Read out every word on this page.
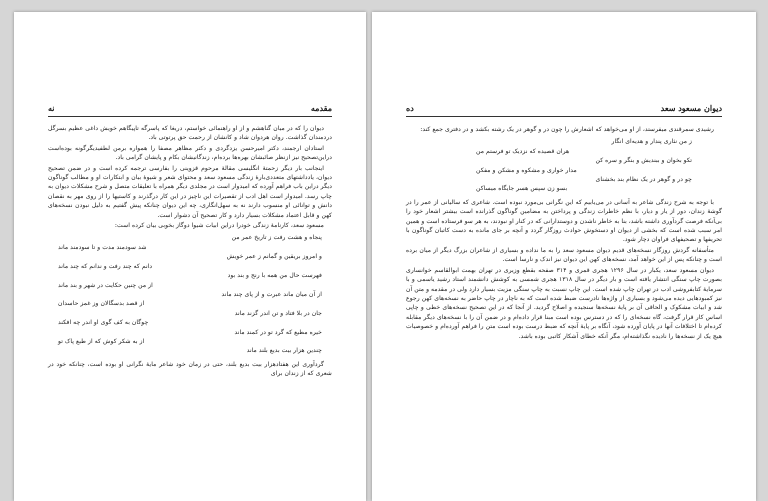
نه	مقدمه

دیوان را که در میان گناهشم و از او راهنمائی خواستم، دریغا که پاسرگه تاپیگاهم خویش داغی عظیم بسرگل دردمندان گذاشت. روان هردوان شاد و کانشان از رحمت حق پرتوتی باد.

استادان ارجمند، دکتر امیرحسن یزدگردی و دکتر مظاهر مصفا را همواره برمن لطفیدیگرگونه بوده‌است دراین‌تصحیح نیز ازنظر صائبشان بهره‌ها برده‌ام، زندگانیشان بکام و پایشان گرامی باد.

اینجانب بار دیگر زحمتهٔ انگلیسی مقالهٔ مرحوم قزوینی را بفارسی ترجمه کرده است و در ضمن تصحیح دیوان، یادداشتهای متعددی‌بارهٔ زندگی مسعود سعد و محتوای شعر و شیوهٔ بیان و ابتکارات او و مطالب گوناگون دیگر دراین باب فراهم آورده که امیدوار است در مجلدی دیگر همراه با تعلیقات متصل و شرح مشکلات دیوان به چاپ رسد. امیدوار است اهل ادب از تقصیرات این ناچیز در این کار درگذرند و کاستیها را از روی مهر به نقصان دانش و توانائی او منسوب دارند نه به سهل‌انگاری، چه این دیوان چنانکه پیش گفتیم به دلیل نبودن نسخه‌های کهن و قابل اعتماد مشکلات بسیار دارد و کار تصحیح آن دشوار است.

مسعود سعد، کارنامهٔ زندگی خودرا دراین ابیات شیوا دوگاز بخوبی بیان کرده است:

پنجاه و هشت رفت ز تاریخ عمر من
شد سودمند مدت و تا سودمند ماند
و امروز بریقین و گمانم ز عمر خویش
دانم که چند رفت و ندانم که چند ماند
فهرست حال من همه با رنج و بند بود
از من چنین حکایت در شهر و بند ماند
از آن میان ماند عبرت و از پای چند ماند
از قصد بدسگالان وز غمز حاسدان
جان در بلا فتاد و تن اندر گزند ماند
چوگان به کف گوی او اندر چه افکند
خیره مطیع که گرد تو در کمند ماند
از به شکر کوش که از طبع پاک تو
چندین هزار بیت بدیع بلند ماند

گردآوری این هفتادهزار بیت بدیع بلند، حتی در زمان خود شاعر مایهٔ نگرانی او بوده است، چنانکه خود در شعری که از زندان برای

ده	دیوان مسعود سعد

رشیدی سمرقندی میفرستد، از او می‌خواهد که اشعارش را چون در و گوهر در یک رشته بکشد و در دفتری جمع کند:

ز من نثاری پندار و هدیه‌ای انگار
هران قصیده که نزدیک تو فرستم من
تکو بخوان و ببندیش و بنگر و سره کن
مدار خواری و مشکوه و مشکن و مفکن
چو در و گوهر در یک نظام بند بخشنای
بسو زن سپس هسر جایگاه میساکن

با توجه به شرح زندگی شاعر به آسانی در می‌یابیم که این نگرانی بی‌مورد نبوده است. شاعری که سالیانی از عمر را در گوشهٔ زندان، دور از یار و دیار، با نظم خاطرات زندگی و پرداختن به مضامین گوناگون گذرانده است بیشتر اشعار خود را بی‌آنکه فرصت گردآوری داشته باشد، بنا به خاطر ناشدن و دوستدارانی که در کنار او نبودند، به هر سو فرستاده است و همین امر سبب شده است که بخشی از دیوان او دستخوش حوادث روزگار گردد و آنچه بر جای مانده به دست کاتبان گوناگون با تحریفها و تصحیفهای فراوان دچار شود.

متأسفانه گردش روزگار نسخه‌های قدیم دیوان مسعود سعد را به ما نداده و بسیاری از شاعران بزرگ دیگر از میان برده است و چنانکه پس از این خواهد آمد، نسخه‌های کهن این دیوان نیز اندک و نارسا است.

دیوان مسعود سعد، یکبار در سال ۱۲۹۶ هجری قمری و ۳۱۴ صفحه بقطع وزیری در تهران بهمت ابوالقاسم خوانساری بصورت چاپ سنگی انتشار یافته است و بار دیگر در سال ۱۳۱۸ هجری شمسی به کوشش دانشمند استاد رشید یاسمی و با سرمایهٔ کتابفروشی ادب در تهران چاپ شده است. این چاپ نسبت به چاپ سنگی مزیت بسیار دارد ولی در مقدمه و متن آن نیز کمبودهایی دیده می‌شود و بسیاری از واژه‌ها نادرست ضبط شده است که به ناچار در چاپ حاضر به نسخه‌های کهن رجوع شد و ابیات مشکوک و الحاقی آن بر پایهٔ نسخه‌ها سنجیده و اصلاح گردید. از آنجا که در این تصحیح نسخه‌های خطی و چاپی اساس کار قرار گرفت، گاه نسخه‌ای را که در دسترس بوده است مبنا قرار داده‌ام و در ضمن آن را با نسخه‌های دیگر مقابله کرده‌ام تا اختلافات آنها در پایان آورده شود، آنگاه بر پایهٔ آنچه که ضبط درست بوده است متن را فراهم آورده‌ام و خصوصیات هیچ یک از نسخه‌ها را نادیده نگذاشته‌ام، مگر آنکه خطای آشکار کاتبی بوده باشد.
